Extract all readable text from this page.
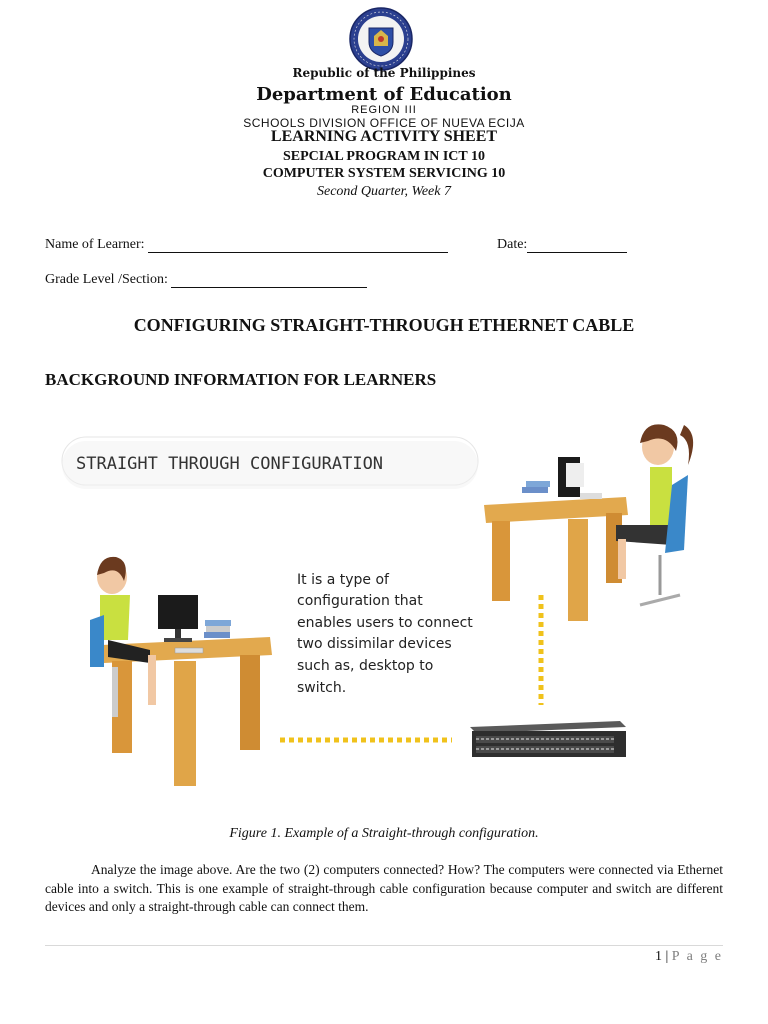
Republic of the Philippines
Department of Education
REGION III
SCHOOLS DIVISION OFFICE OF NUEVA ECIJA
LEARNING ACTIVITY SHEET
SEPCIAL PROGRAM IN ICT 10
COMPUTER SYSTEM SERVICING 10
Second Quarter, Week 7
Name of Learner:	Date:
Grade Level /Section:
CONFIGURING STRAIGHT-THROUGH ETHERNET CABLE
BACKGROUND INFORMATION FOR LEARNERS
STRAIGHT THROUGH CONFIGURATION
It is a type of
configuration that
enables users to connect
two dissimilar devices
such as, desktop to
switch.
Figure 1. Example of a Straight-through configuration.
Analyze the image above. Are the two (2) computers connected? How? The computers were connected via Ethernet cable into a switch. This is one example of straight-through cable configuration because computer and switch are different devices and only a straight-through cable can connect them.
1 | P a g e
